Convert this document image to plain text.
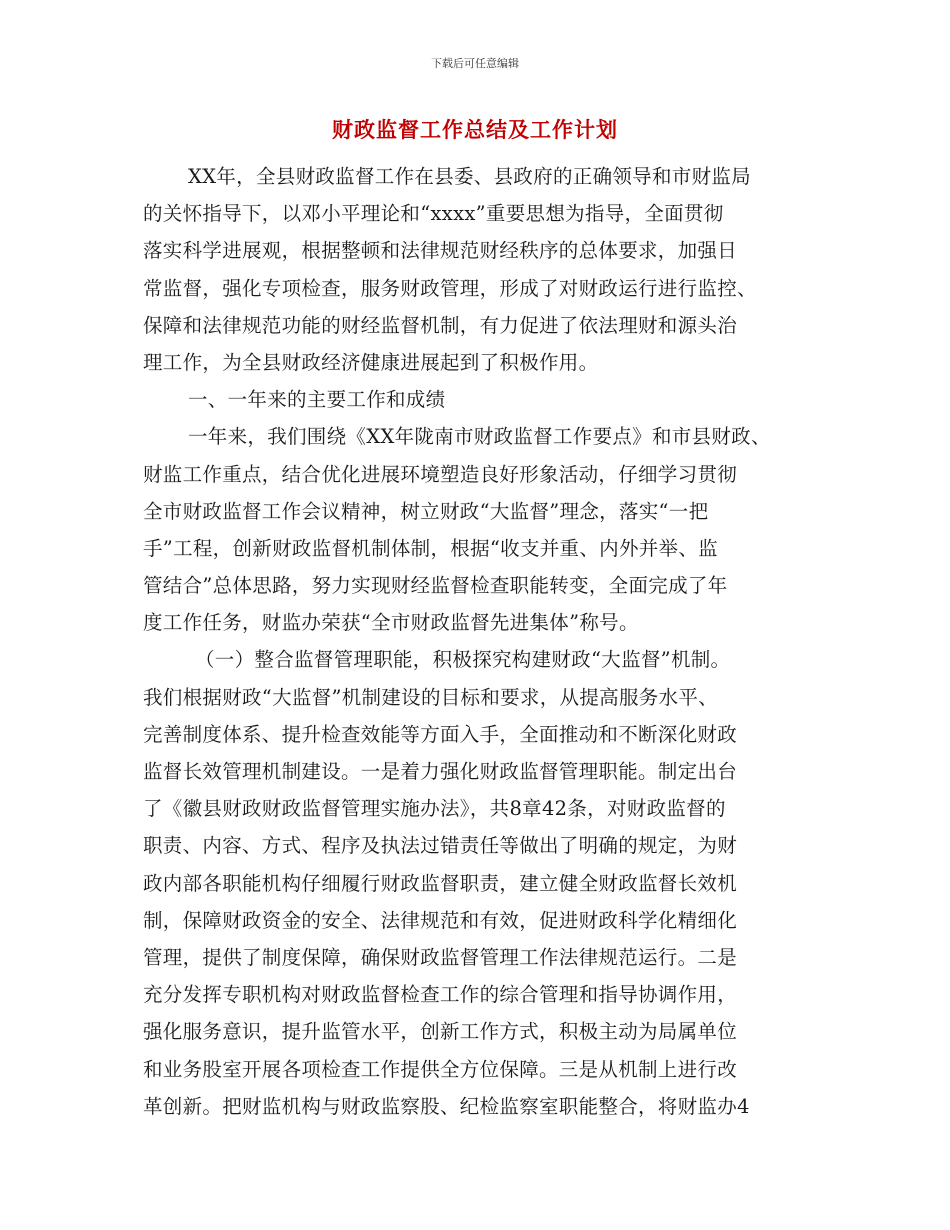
下载后可任意编辑
财政监督工作总结及工作计划
XX年，全县财政监督工作在县委、县政府的正确领导和市财监局
的关怀指导下，以邓小平理论和“xxxx”重要思想为指导，全面贯彻
落实科学进展观，根据整顿和法律规范财经秩序的总体要求，加强日
常监督，强化专项检查，服务财政管理，形成了对财政运行进行监控、
保障和法律规范功能的财经监督机制，有力促进了依法理财和源头治
理工作，为全县财政经济健康进展起到了积极作用。
一、一年来的主要工作和成绩
一年来，我们围绕《XX年陇南市财政监督工作要点》和市县财政、
财监工作重点，结合优化进展环境塑造良好形象活动，仔细学习贯彻
全市财政监督工作会议精神，树立财政“大监督”理念，落实“一把
手”工程，创新财政监督机制体制，根据“收支并重、内外并举、监
管结合”总体思路，努力实现财经监督检查职能转变，全面完成了年
度工作任务，财监办荣获“全市财政监督先进集体”称号。
（一）整合监督管理职能，积极探究构建财政“大监督”机制。
我们根据财政“大监督”机制建设的目标和要求，从提高服务水平、
完善制度体系、提升检查效能等方面入手，全面推动和不断深化财政
监督长效管理机制建设。一是着力强化财政监督管理职能。制定出台
了《徽县财政财政监督管理实施办法》，共8章42条，对财政监督的
职责、内容、方式、程序及执法过错责任等做出了明确的规定，为财
政内部各职能机构仔细履行财政监督职责，建立健全财政监督长效机
制，保障财政资金的安全、法律规范和有效，促进财政科学化精细化
管理，提供了制度保障，确保财政监督管理工作法律规范运行。二是
充分发挥专职机构对财政监督检查工作的综合管理和指导协调作用，
强化服务意识，提升监管水平，创新工作方式，积极主动为局属单位
和业务股室开展各项检查工作提供全方位保障。三是从机制上进行改
革创新。把财监机构与财政监察股、纪检监察室职能整合，将财监办4
